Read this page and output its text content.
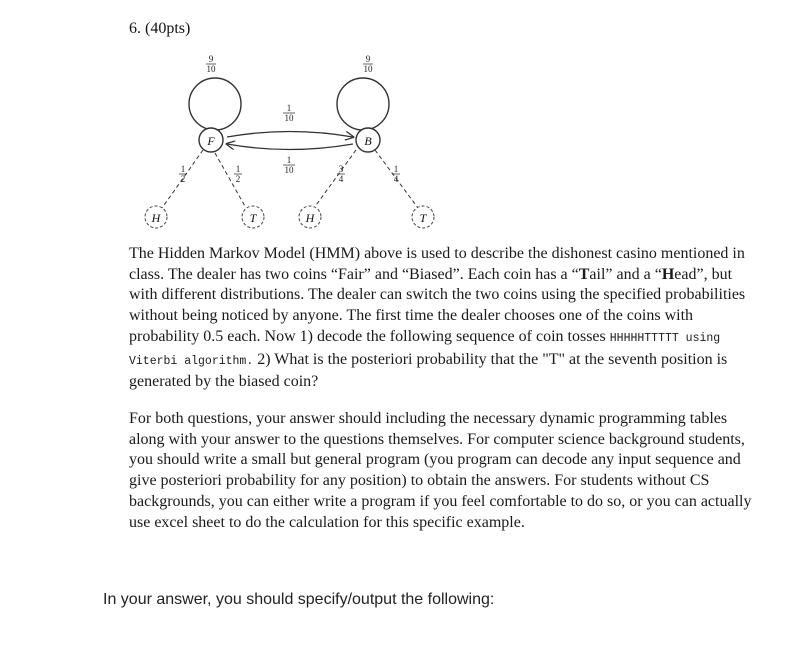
6. (40pts)
F	B
H	T	H	T
9
10
9
10
1
10
1
10
1
2
1
2
3
4
1
4

The Hidden Markov Model (HMM) above is used to describe the dishonest casino mentioned in class. The dealer has two coins “Fair” and “Biased”. Each coin has a “Tail” and a “Head”, but with different distributions. The dealer can switch the two coins using the specified probabilities without being noticed by anyone. The first time the dealer chooses one of the coins with probability 0.5 each. Now 1) decode the following sequence of coin tosses HHHHHTTTTT using Viterbi algorithm. 2) What is the posteriori probability that the "T" at the seventh position is generated by the biased coin?

For both questions, your answer should including the necessary dynamic programming tables along with your answer to the questions themselves. For computer science background students, you should write a small but general program (you program can decode any input sequence and give posteriori probability for any position) to obtain the answers. For students without CS backgrounds, you can either write a program if you feel comfortable to do so, or you can actually use excel sheet to do the calculation for this specific example.

In your answer, you should specify/output the following:
